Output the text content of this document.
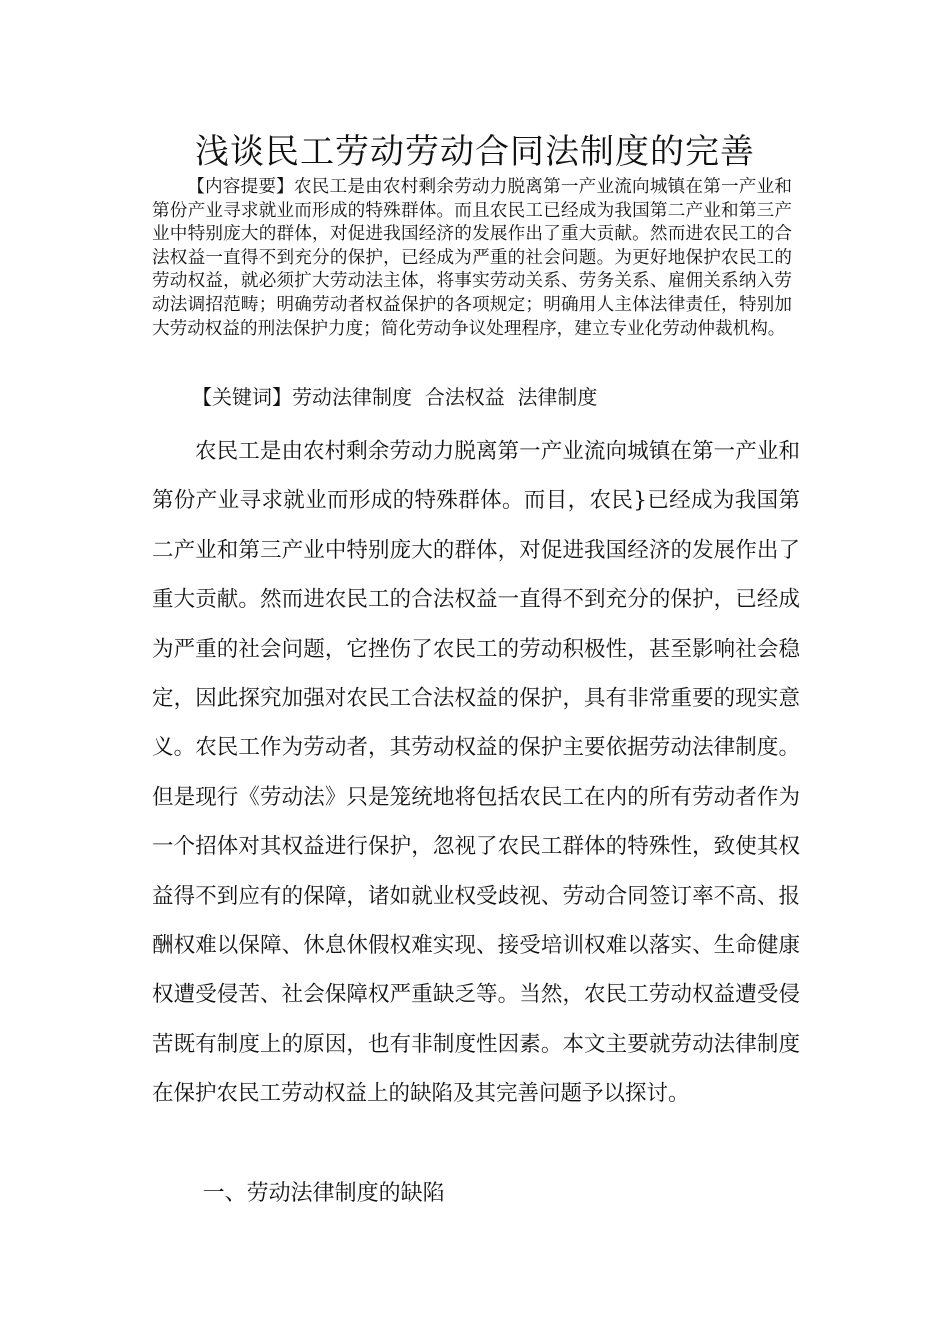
浅谈民工劳动劳动合同法制度的完善

【内容提要】农民工是由农村剩余劳动力脱离第一产业流向城镇在第一产业和第份产业寻求就业而形成的特殊群体。而且农民工已经成为我国第二产业和第三产业中特别庞大的群体，对促进我国经济的发展作出了重大贡献。然而进农民工的合法权益一直得不到充分的保护，已经成为严重的社会问题。为更好地保护农民工的劳动权益，就必须扩大劳动法主体，将事实劳动关系、劳务关系、雇佣关系纳入劳动法调招范畴；明确劳动者权益保护的各项规定；明确用人主体法律责任，特别加大劳动权益的刑法保护力度；简化劳动争议处理程序，建立专业化劳动仲裁机构。

【关键词】劳动法律制度 合法权益 法律制度

农民工是由农村剩余劳动力脱离第一产业流向城镇在第一产业和第份产业寻求就业而形成的特殊群体。而目，农民}已经成为我国第二产业和第三产业中特别庞大的群体，对促进我国经济的发展作出了重大贡献。然而进农民工的合法权益一直得不到充分的保护，已经成为严重的社会问题，它挫伤了农民工的劳动积极性，甚至影响社会稳定，因此探究加强对农民工合法权益的保护，具有非常重要的现实意义。农民工作为劳动者，其劳动权益的保护主要依据劳动法律制度。但是现行《劳动法》只是笼统地将包括农民工在内的所有劳动者作为一个招体对其权益进行保护，忽视了农民工群体的特殊性，致使其权益得不到应有的保障，诸如就业权受歧视、劳动合同签订率不高、报酬权难以保障、休息休假权难实现、接受培训权难以落实、生命健康权遭受侵苦、社会保障权严重缺乏等。当然，农民工劳动权益遭受侵苦既有制度上的原因，也有非制度性因素。本文主要就劳动法律制度在保护农民工劳动权益上的缺陷及其完善问题予以探讨。

一、劳动法律制度的缺陷
